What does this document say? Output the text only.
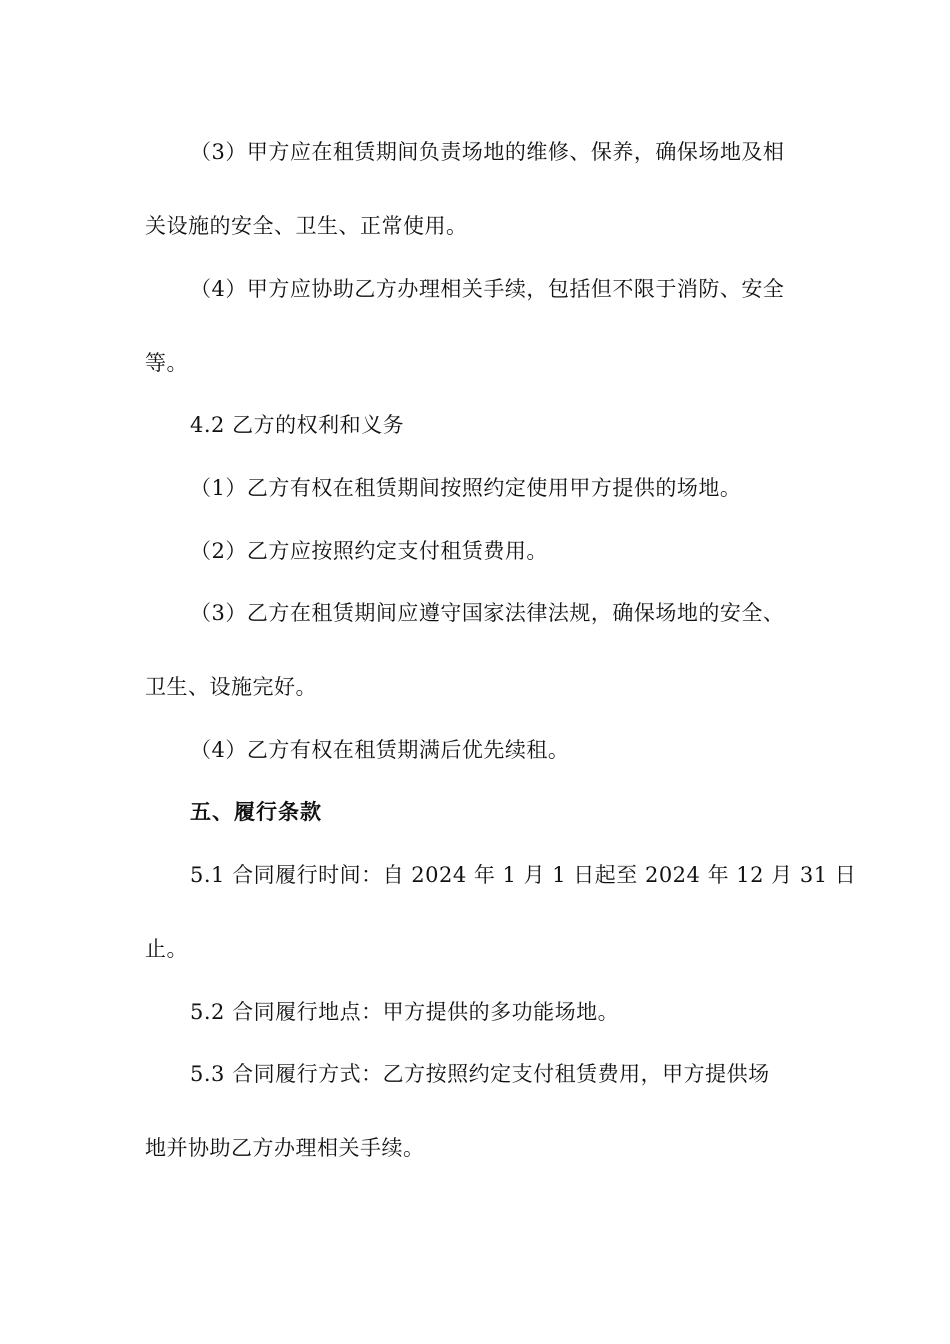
（3）甲方应在租赁期间负责场地的维修、保养，确保场地及相
关设施的安全、卫生、正常使用。
（4）甲方应协助乙方办理相关手续，包括但不限于消防、安全
等。
4.2 乙方的权利和义务
（1）乙方有权在租赁期间按照约定使用甲方提供的场地。
（2）乙方应按照约定支付租赁费用。
（3）乙方在租赁期间应遵守国家法律法规，确保场地的安全、
卫生、设施完好。
（4）乙方有权在租赁期满后优先续租。
五、履行条款
5.1 合同履行时间：自 2024 年 1 月 1 日起至 2024 年 12 月 31 日
止。
5.2 合同履行地点：甲方提供的多功能场地。
5.3 合同履行方式：乙方按照约定支付租赁费用，甲方提供场
地并协助乙方办理相关手续。
